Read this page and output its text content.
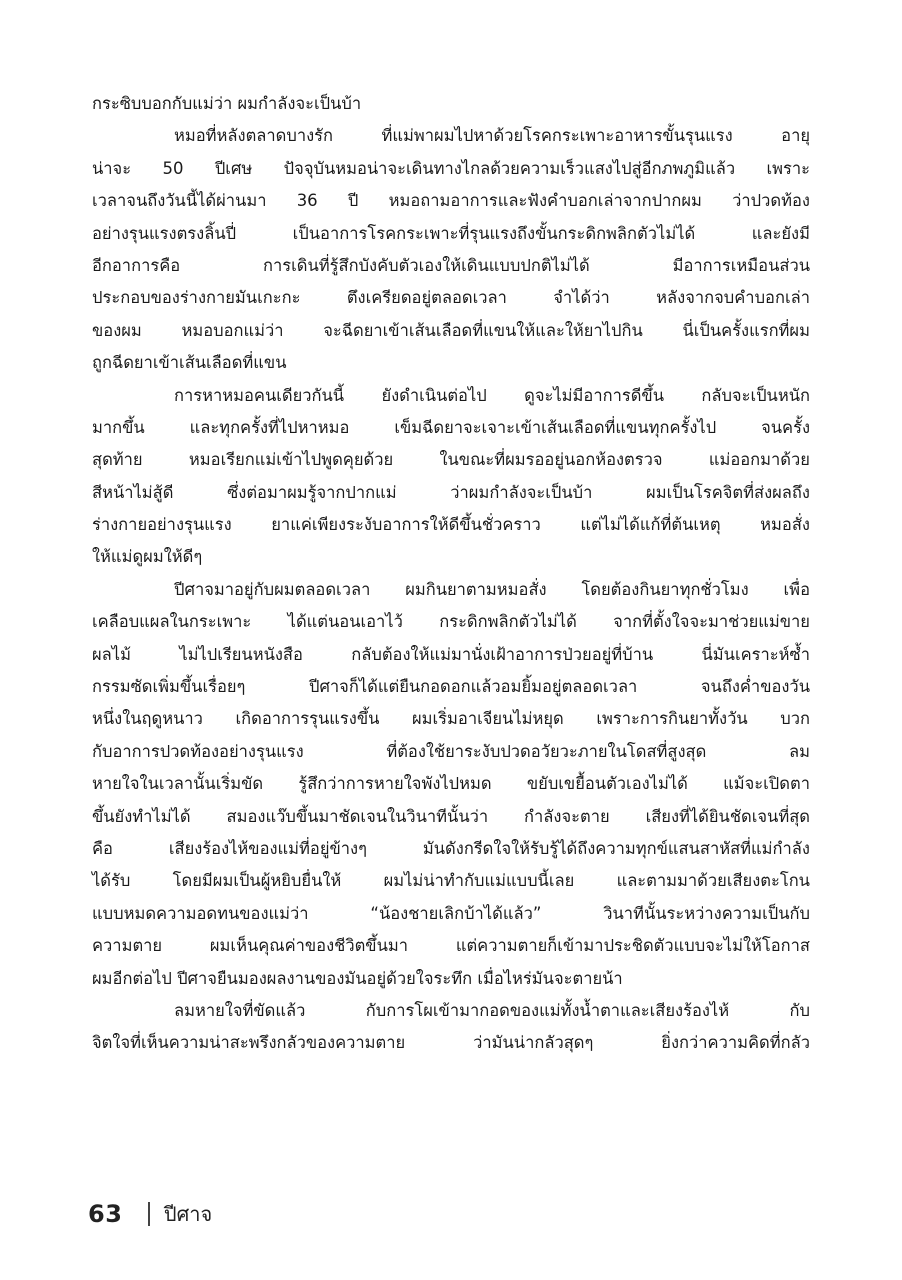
กระซิบบอกกับแม่ว่า ผมกำลังจะเป็นบ้า
หมอที่หลังตลาดบางรัก	ที่แม่พาผมไปหาด้วยโรคกระเพาะอาหารขั้นรุนแรง	อายุ
น่าจะ 50 ปีเศษ ปัจจุบันหมอน่าจะเดินทางไกลด้วยความเร็วแสงไปสู่อีกภพภูมิแล้ว เพราะ
เวลาจนถึงวันนี้ได้ผ่านมา 36 ปี หมอถามอาการและฟังคำบอกเล่าจากปากผม ว่าปวดท้อง
อย่างรุนแรงตรงลิ้นปี่	เป็นอาการโรคกระเพาะที่รุนแรงถึงขั้นกระดิกพลิกตัวไม่ได้	และยังมี
อีกอาการคือ	การเดินที่รู้สึกบังคับตัวเองให้เดินแบบปกติไม่ได้	มีอาการเหมือนส่วน
ประกอบของร่างกายมันเกะกะ	ตึงเครียดอยู่ตลอดเวลา	จำได้ว่า	หลังจากจบคำบอกเล่า
ของผม หมอบอกแม่ว่า จะฉีดยาเข้าเส้นเลือดที่แขนให้และให้ยาไปกิน นี่เป็นครั้งแรกที่ผม
ถูกฉีดยาเข้าเส้นเลือดที่แขน
การหาหมอคนเดียวกันนี้ ยังดำเนินต่อไป ดูจะไม่มีอาการดีขึ้น กลับจะเป็นหนัก
มากขึ้น	และทุกครั้งที่ไปหาหมอ	เข็มฉีดยาจะเจาะเข้าเส้นเลือดที่แขนทุกครั้งไป	จนครั้ง
สุดท้าย	หมอเรียกแม่เข้าไปพูดคุยด้วย	ในขณะที่ผมรออยู่นอกห้องตรวจ	แม่ออกมาด้วย
สีหน้าไม่สู้ดี	ซึ่งต่อมาผมรู้จากปากแม่	ว่าผมกำลังจะเป็นบ้า	ผมเป็นโรคจิตที่ส่งผลถึง
ร่างกายอย่างรุนแรง ยาแค่เพียงระงับอาการให้ดีขึ้นชั่วคราว แต่ไม่ได้แก้ที่ต้นเหตุ หมอสั่ง
ให้แม่ดูผมให้ดีๆ
ปีศาจมาอยู่กับผมตลอดเวลา ผมกินยาตามหมอสั่ง โดยต้องกินยาทุกชั่วโมง เพื่อ
เคลือบแผลในกระเพาะ ได้แต่นอนเอาไว้ กระดิกพลิกตัวไม่ได้ จากที่ตั้งใจจะมาช่วยแม่ขาย
ผลไม้	ไม่ไปเรียนหนังสือ	กลับต้องให้แม่มานั่งเฝ้าอาการป่วยอยู่ที่บ้าน	นี่มันเคราะห์ซ้ำ
กรรมซัดเพิ่มขึ้นเรื่อยๆ	ปีศาจก็ได้แต่ยืนกอดอกแล้วอมยิ้มอยู่ตลอดเวลา	จนถึงค่ำของวัน
หนึ่งในฤดูหนาว เกิดอาการรุนแรงขึ้น ผมเริ่มอาเจียนไม่หยุด เพราะการกินยาทั้งวัน บวก
กับอาการปวดท้องอย่างรุนแรง	ที่ต้องใช้ยาระงับปวดอวัยวะภายในโดสที่สูงสุด	ลม
หายใจในเวลานั้นเริ่มขัด รู้สึกว่าการหายใจพังไปหมด ขยับเขยื้อนตัวเองไม่ได้ แม้จะเปิดตา
ขึ้นยังทำไม่ได้ สมองแว๊บขึ้นมาชัดเจนในวินาทีนั้นว่า กำลังจะตาย เสียงที่ได้ยินชัดเจนที่สุด
คือ	เสียงร้องไห้ของแม่ที่อยู่ข้างๆ	มันดังกรีดใจให้รับรู้ได้ถึงความทุกข์แสนสาหัสที่แม่กำลัง
ได้รับ	โดยมีผมเป็นผู้หยิบยื่นให้	ผมไม่น่าทำกับแม่แบบนี้เลย	และตามมาด้วยเสียงตะโกน
แบบหมดความอดทนของแม่ว่า	“น้องชายเลิกบ้าได้แล้ว”	วินาทีนั้นระหว่างความเป็นกับ
ความตาย	ผมเห็นคุณค่าของชีวิตขึ้นมา	แต่ความตายก็เข้ามาประชิดตัวแบบจะไม่ให้โอกาส
ผมอีกต่อไป ปีศาจยืนมองผลงานของมันอยู่ด้วยใจระทึก เมื่อไหร่มันจะตายน้า
ลมหายใจที่ขัดแล้ว	กับการโผเข้ามากอดของแม่ทั้งน้ำตาและเสียงร้องไห้	กับ
จิตใจที่เห็นความน่าสะพรึงกลัวของความตาย	ว่ามันน่ากลัวสุดๆ	ยิ่งกว่าความคิดที่กลัว
63 ปีศาจ
